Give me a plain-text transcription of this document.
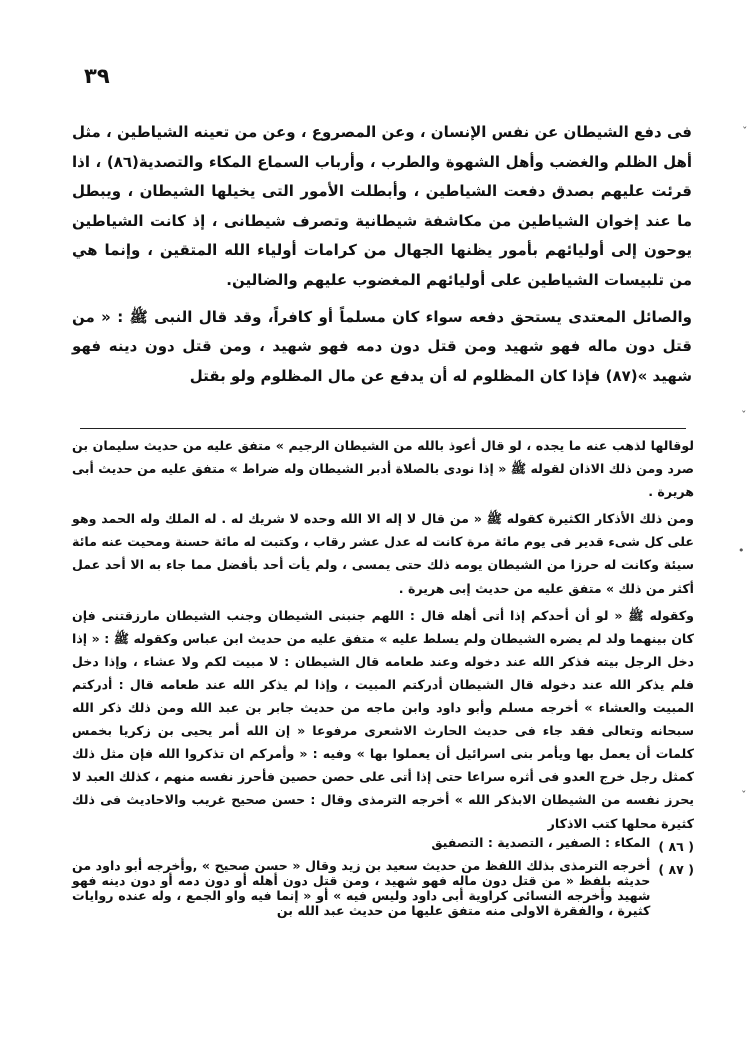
٣٩

فى دفع الشيطان عن نفس الإنسان ، وعن المصروع ، وعن من تعينه الشياطين ، مثل أهل الظلم والغضب وأهل الشهوة والطرب ، وأرباب السماع المكاء والتصدية(٨٦) ، اذا قرئت عليهم بصدق دفعت الشياطين ، وأبطلت الأمور التى يخيلها الشيطان ، ويبطل ما عند إخوان الشياطين من مكاشفة شيطانية وتصرف شيطانى ، إذ كانت الشياطين يوحون إلى أوليائهم بأمور يظنها الجهال من كرامات أولياء الله المتقين ، وإنما هي من تلبيسات الشياطين على أوليائهم المغضوب عليهم والضالين.

والصائل المعتدى يستحق دفعه سواء كان مسلماً أو كافراً، وقد قال النبى ﷺ : « من قتل دون ماله فهو شهيد ومن قتل دون دمه فهو شهيد ، ومن قتل دون دينه فهو شهيد »(٨٧) فإذا كان المظلوم له أن يدفع عن مال المظلوم ولو بقتل

لوقالها لذهب عنه ما يجده ، لو قال أعوذ بالله من الشيطان الرجيم » متفق عليه من حديث سليمان بن صرد ومن ذلك الاذان لقوله ﷺ « إذا نودى بالصلاة أدبر الشيطان وله ضراط » متفق عليه من حديث أبى هريرة .

ومن ذلك الأذكار الكثيرة كقوله ﷺ « من قال لا إله الا الله وحده لا شريك له . له الملك وله الحمد وهو على كل شىء قدير فى يوم مائة مرة كانت له عدل عشر رقاب ، وكتبت له مائة حسنة ومحيت عنه مائة سيئة وكانت له حرزا من الشيطان يومه ذلك حتى يمسى ، ولم يأت أحد بأفضل مما جاء به الا أحد عمل أكثر من ذلك » متفق عليه من حديث إبى هريرة .

وكقوله ﷺ « لو أن أحدكم إذا أتى أهله قال : اللهم جنبنى الشيطان وجنب الشيطان مارزقتنى فإن كان بينهما ولد لم يضره الشيطان ولم يسلط عليه » متفق عليه من حديث ابن عباس وكقوله ﷺ : « إذا دخل الرجل بيته فذكر الله عند دخوله وعند طعامه قال الشيطان : لا مبيت لكم ولا عشاء ، وإذا دخل فلم يذكر الله عند دخوله قال الشيطان أدركتم المبيت ، وإذا لم يذكر الله عند طعامه قال : أدركتم المبيت والعشاء » أخرجه مسلم وأبو داود وابن ماجه من حديث جابر بن عبد الله ومن ذلك ذكر الله سبحانه وتعالى فقد جاء فى حديث الحارث الاشعرى مرفوعا « إن الله أمر يحيى بن زكريا بخمس كلمات أن يعمل بها ويأمر بنى اسرائيل أن يعملوا بها » وفيه : « وأمركم ان تذكروا الله فإن مثل ذلك كمثل رجل خرج العدو فى أثره سراعا حتى إذا أتى على حصن حصين فأحرز نفسه منهم ، كذلك العبد لا يحرز نفسه من الشيطان الابذكر الله » أخرجه الترمذى وقال : حسن صحيح غريب والاحاديث فى ذلك كثيرة محلها كتب الاذكار

( ٨٦ )
المكاء : الصفير ، التصدية : التصفيق
( ٨٧ )
أخرجه الترمذى بذلك اللفظ من حديث سعيد بن زيد وقال « حسن صحيح » ,وأخرجه أبو داود من حديثه بلفظ « من قتل دون ماله فهو شهيد ، ومن قتل دون أهله أو دون دمه أو دون دينه فهو شهيد وأخرجه النسائى كراوية أبى داود وليس فيه » أو « إنما فيه واو الجمع ، وله عنده روايات كثيرة ، والفقرة الاولى منه متفق عليها من حديث عبد الله بن
ˇ
ˇ
•
ˇ
